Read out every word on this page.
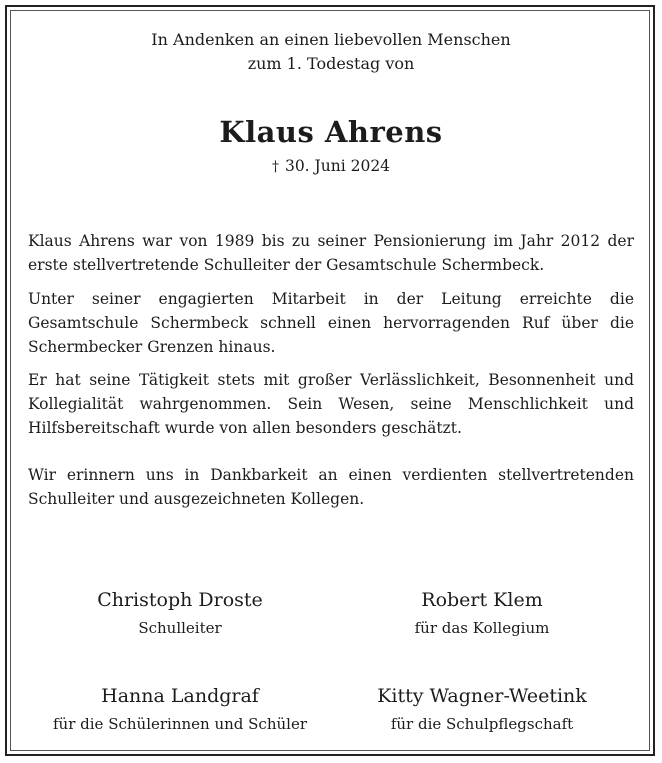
In Andenken an einen liebevollen Menschen
zum 1. Todestag von
Klaus Ahrens
† 30. Juni 2024

Klaus Ahrens war von 1989 bis zu seiner Pensionierung im Jahr 2012 der erste stellvertretende Schulleiter der Gesamtschule Schermbeck.

Unter seiner engagierten Mitarbeit in der Leitung erreichte die Gesamtschule Schermbeck schnell einen hervorragenden Ruf über die Schermbecker Grenzen hinaus.

Er hat seine Tätigkeit stets mit großer Verlässlichkeit, Besonnenheit und Kollegialität wahrgenommen. Sein Wesen, seine Menschlichkeit und Hilfsbereitschaft wurde von allen besonders geschätzt.

Wir erinnern uns in Dankbarkeit an einen verdienten stellvertretenden Schulleiter und ausgezeichneten Kollegen.

Christoph Droste
Schulleiter
Robert Klem
für das Kollegium
Hanna Landgraf
für die Schülerinnen und Schüler
Kitty Wagner-Weetink
für die Schulpflegschaft
